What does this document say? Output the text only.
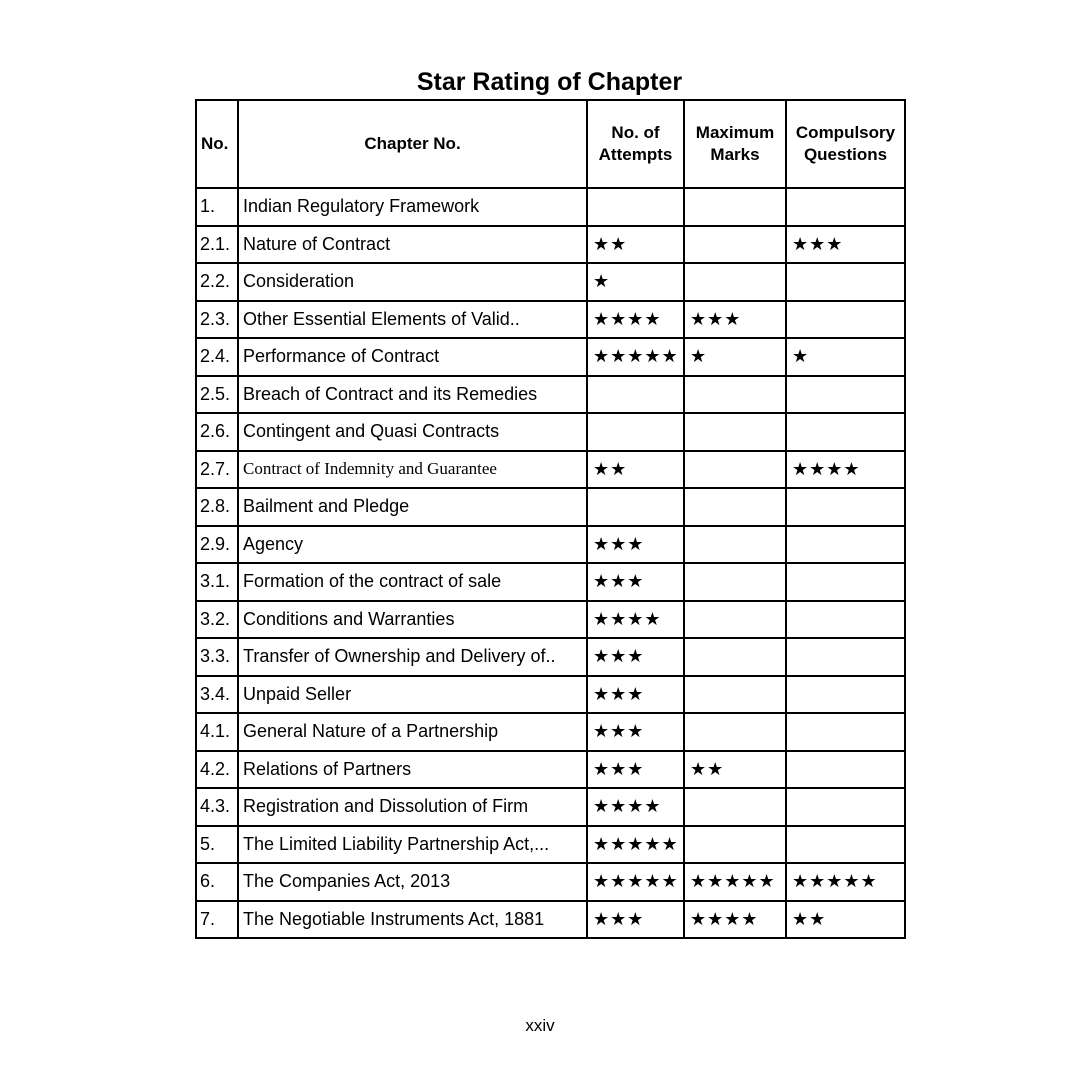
Star Rating of Chapter
No.	Chapter No.	No. of Attempts	Maximum Marks	Compulsory Questions
1.	Indian Regulatory Framework			
2.1.	Nature of Contract	★★		★★★
2.2.	Consideration	★		
2.3.	Other Essential Elements of Valid..	★★★★	★★★	
2.4.	Performance of Contract	★★★★★	★	★
2.5.	Breach of Contract and its Remedies			
2.6.	Contingent and Quasi Contracts			
2.7.	Contract of Indemnity and Guarantee	★★		★★★★
2.8.	Bailment and Pledge			
2.9.	Agency	★★★		
3.1.	Formation of the contract of sale	★★★		
3.2.	Conditions and Warranties	★★★★		
3.3.	Transfer of Ownership and Delivery of..	★★★		
3.4.	Unpaid Seller	★★★		
4.1.	General Nature of a Partnership	★★★		
4.2.	Relations of Partners	★★★	★★	
4.3.	Registration and Dissolution of Firm	★★★★		
5.	The Limited Liability Partnership Act,...	★★★★★		
6.	The Companies Act, 2013	★★★★★	★★★★★	★★★★★
7.	The Negotiable Instruments Act, 1881	★★★	★★★★	★★
xxiv
